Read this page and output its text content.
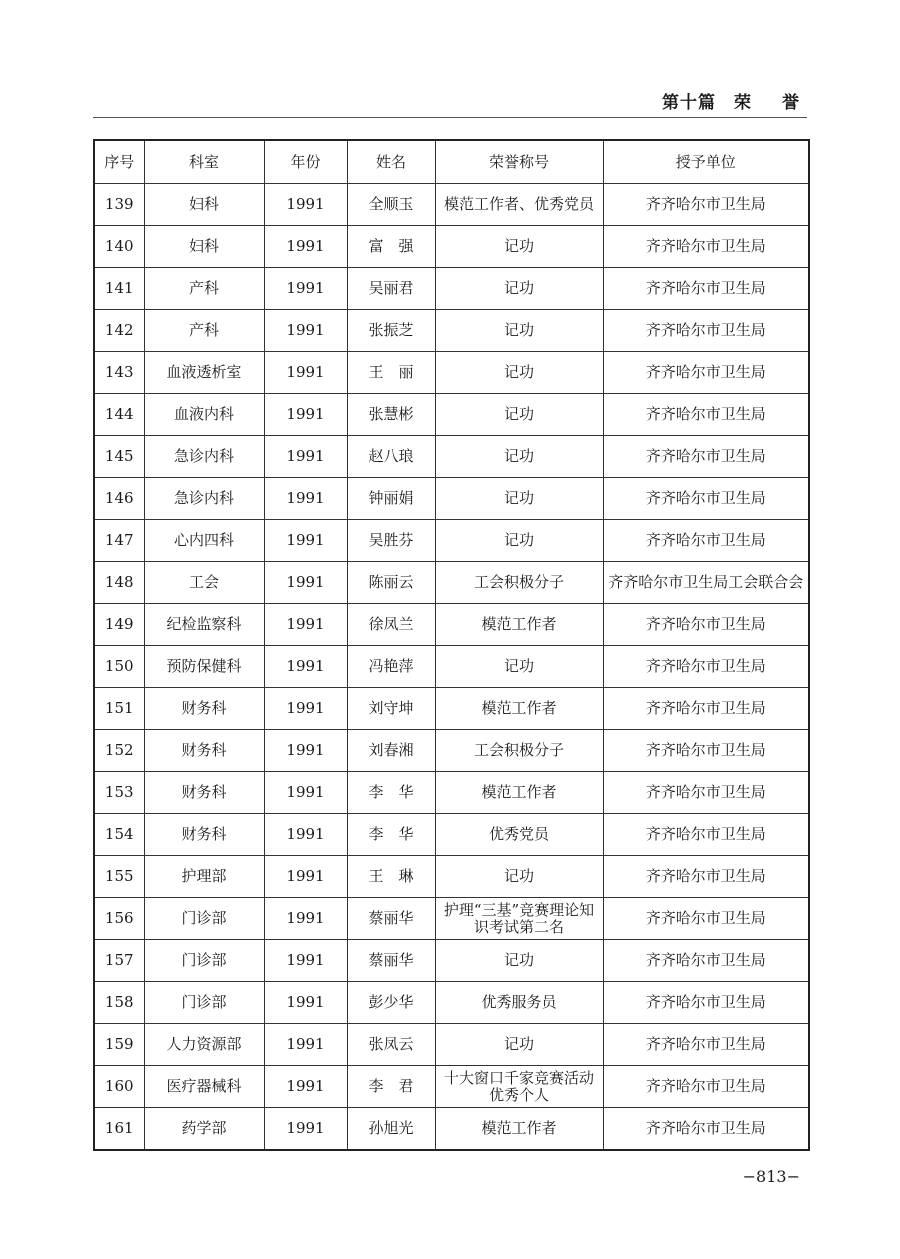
第十篇 荣 誉
序号	科室	年份	姓名	荣誉称号	授予单位
139	妇科	1991	全顺玉	模范工作者、优秀党员	齐齐哈尔市卫生局
140	妇科	1991	富　强	记功	齐齐哈尔市卫生局
141	产科	1991	吴丽君	记功	齐齐哈尔市卫生局
142	产科	1991	张振芝	记功	齐齐哈尔市卫生局
143	血液透析室	1991	王　丽	记功	齐齐哈尔市卫生局
144	血液内科	1991	张慧彬	记功	齐齐哈尔市卫生局
145	急诊内科	1991	赵八琅	记功	齐齐哈尔市卫生局
146	急诊内科	1991	钟丽娟	记功	齐齐哈尔市卫生局
147	心内四科	1991	吴胜芬	记功	齐齐哈尔市卫生局
148	工会	1991	陈丽云	工会积极分子	齐齐哈尔市卫生局工会联合会
149	纪检监察科	1991	徐凤兰	模范工作者	齐齐哈尔市卫生局
150	预防保健科	1991	冯艳萍	记功	齐齐哈尔市卫生局
151	财务科	1991	刘守坤	模范工作者	齐齐哈尔市卫生局
152	财务科	1991	刘春湘	工会积极分子	齐齐哈尔市卫生局
153	财务科	1991	李　华	模范工作者	齐齐哈尔市卫生局
154	财务科	1991	李　华	优秀党员	齐齐哈尔市卫生局
155	护理部	1991	王　琳	记功	齐齐哈尔市卫生局
156	门诊部	1991	蔡丽华	护理“三基”竞赛理论知识考试第二名	齐齐哈尔市卫生局
157	门诊部	1991	蔡丽华	记功	齐齐哈尔市卫生局
158	门诊部	1991	彭少华	优秀服务员	齐齐哈尔市卫生局
159	人力资源部	1991	张凤云	记功	齐齐哈尔市卫生局
160	医疗器械科	1991	李　君	十大窗口千家竞赛活动优秀个人	齐齐哈尔市卫生局
161	药学部	1991	孙旭光	模范工作者	齐齐哈尔市卫生局
−813−
